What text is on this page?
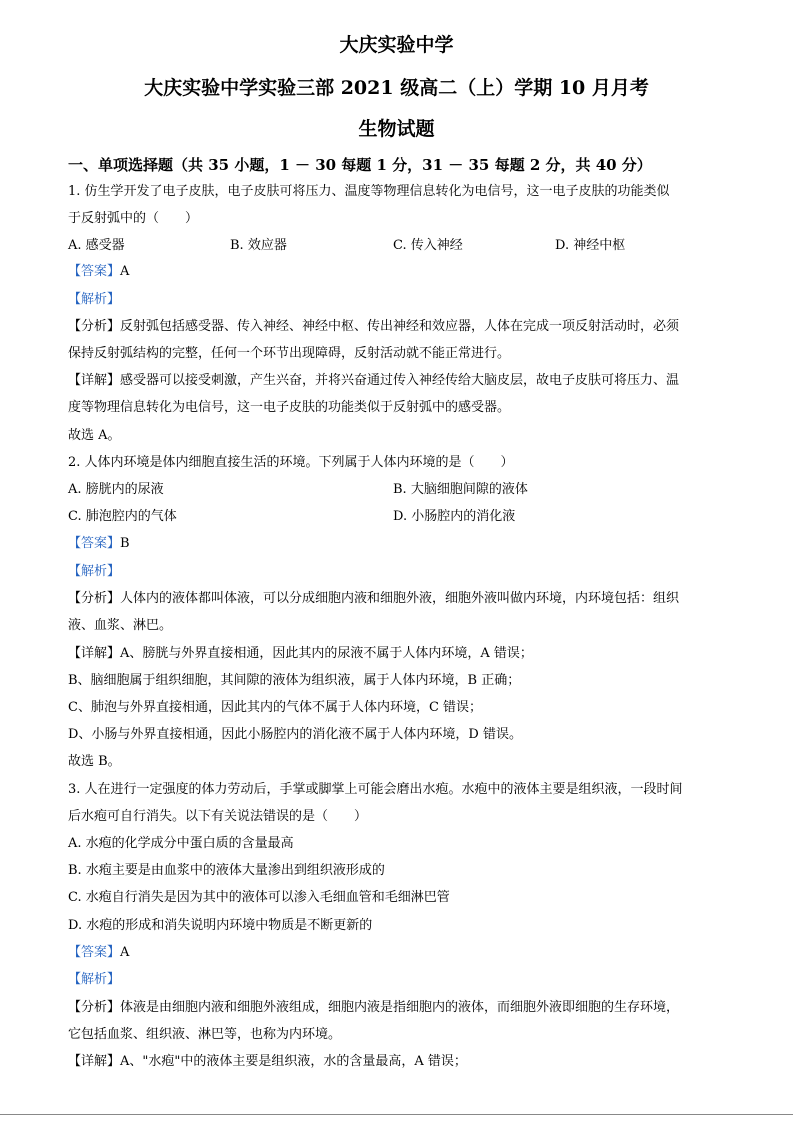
大庆实验中学
大庆实验中学实验三部 2021 级高二（上）学期 10 月月考
生物试题
一、单项选择题（共 35 小题，1 － 30 每题 1 分，31 － 35 每题 2 分，共 40 分）
1. 仿生学开发了电子皮肤，电子皮肤可将压力、温度等物理信息转化为电信号，这一电子皮肤的功能类似
于反射弧中的（　　）
A. 感受器	B. 效应器	C. 传入神经	D. 神经中枢
【答案】A
【解析】
【分析】反射弧包括感受器、传入神经、神经中枢、传出神经和效应器，人体在完成一项反射活动时，必须
保持反射弧结构的完整，任何一个环节出现障碍，反射活动就不能正常进行。
【详解】感受器可以接受刺激，产生兴奋，并将兴奋通过传入神经传给大脑皮层，故电子皮肤可将压力、温
度等物理信息转化为电信号，这一电子皮肤的功能类似于反射弧中的感受器。
故选 A。
2. 人体内环境是体内细胞直接生活的环境。下列属于人体内环境的是（　　）
A. 膀胱内的尿液	B. 大脑细胞间隙的液体
C. 肺泡腔内的气体	D. 小肠腔内的消化液
【答案】B
【解析】
【分析】人体内的液体都叫体液，可以分成细胞内液和细胞外液，细胞外液叫做内环境，内环境包括：组织
液、血浆、淋巴。
【详解】A、膀胱与外界直接相通，因此其内的尿液不属于人体内环境，A 错误；
B、脑细胞属于组织细胞，其间隙的液体为组织液，属于人体内环境，B 正确；
C、肺泡与外界直接相通，因此其内的气体不属于人体内环境，C 错误；
D、小肠与外界直接相通，因此小肠腔内的消化液不属于人体内环境，D 错误。
故选 B。
3. 人在进行一定强度的体力劳动后，手掌或脚掌上可能会磨出水疱。水疱中的液体主要是组织液，一段时间
后水疱可自行消失。以下有关说法错误的是（　　）
A. 水疱的化学成分中蛋白质的含量最高
B. 水疱主要是由血浆中的液体大量渗出到组织液形成的
C. 水疱自行消失是因为其中的液体可以渗入毛细血管和毛细淋巴管
D. 水疱的形成和消失说明内环境中物质是不断更新的
【答案】A
【解析】
【分析】体液是由细胞内液和细胞外液组成，细胞内液是指细胞内的液体，而细胞外液即细胞的生存环境，
它包括血浆、组织液、淋巴等，也称为内环境。
【详解】A、"水疱"中的液体主要是组织液，水的含量最高，A 错误；
